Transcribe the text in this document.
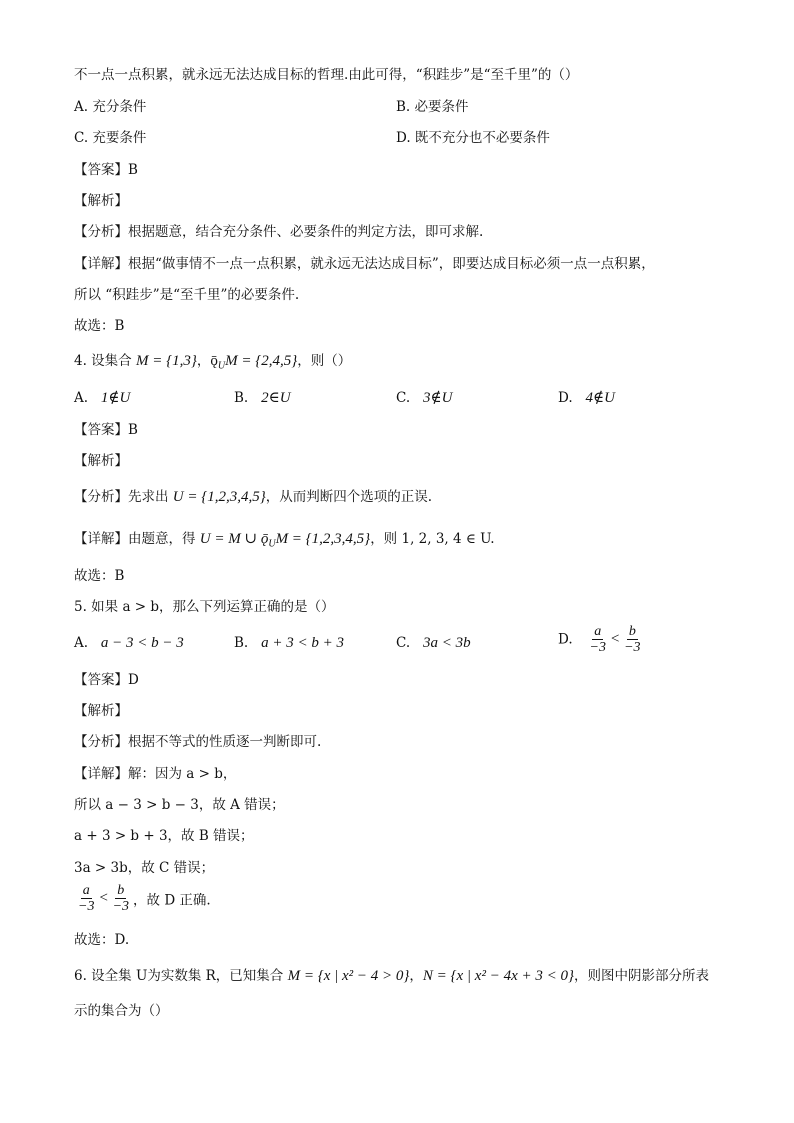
不一点一点积累，就永远无法达成目标的哲理.由此可得，“积跬步”是“至千里”的（）
A. 充分条件	B. 必要条件
C. 充要条件	D. 既不充分也不必要条件
【答案】B
【解析】
【分析】根据题意，结合充分条件、必要条件的判定方法，即可求解.
【详解】根据“做事情不一点一点积累，就永远无法达成目标”，即要达成目标必须一点一点积累，
所以 “积跬步”是“至千里”的必要条件.
故选：B
4. 设集合 M = {1,3}，$ǭ_UM = \{2,4,5\}$，则（）
A. 1∉U	B. 2∈U	C. 3∉U	D. 4∉U
【答案】B
【解析】
【分析】先求出 U = {1,2,3,4,5}，从而判断四个选项的正误.
【详解】由题意，得 U = M ∪ $ǭ_UM = \{1,2,3,4,5\}$，则 1, 2, 3, 4 ∈ U.
故选：B
5. 如果 a > b，那么下列运算正确的是（）
A. a − 3 < b − 3	B. a + 3 < b + 3	C. 3a < 3b	D. $\frac{a}{-3} < \frac{b}{-3}$
【答案】D
【解析】
【分析】根据不等式的性质逐一判断即可.
【详解】解：因为 a > b，
所以 a − 3 > b − 3，故 A 错误；
a + 3 > b + 3，故 B 错误；
3a > 3b，故 C 错误；
$\frac{a}{-3} < \frac{b}{-3}$ ，故 D 正确.
故选：D.
6. 设全集 U为实数集 R，已知集合 M = {x | x² − 4 > 0}，N = {x | x² − 4x + 3 < 0}，则图中阴影部分所表
示的集合为（）
